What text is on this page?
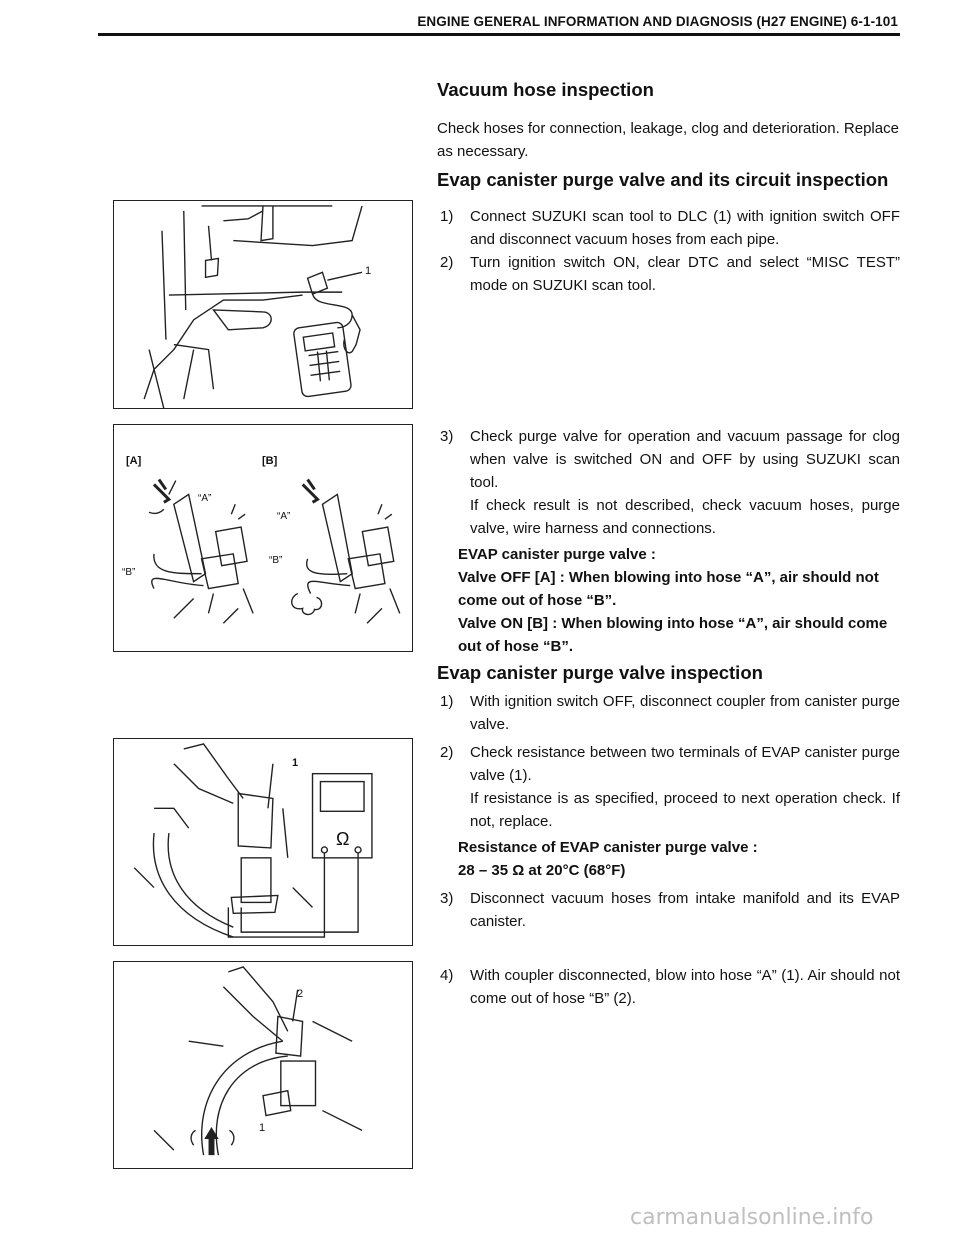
ENGINE GENERAL INFORMATION AND DIAGNOSIS (H27 ENGINE) 6-1-101
Vacuum hose inspection
Check hoses for connection, leakage, clog and deterioration. Replace as necessary.
Evap canister purge valve and its circuit inspection
1) Connect SUZUKI scan tool to DLC (1) with ignition switch OFF and disconnect vacuum hoses from each pipe.
2) Turn ignition switch ON, clear DTC and select “MISC TEST” mode on SUZUKI scan tool.
3) Check purge valve for operation and vacuum passage for clog when valve is switched ON and OFF by using SUZUKI scan tool.
If check result is not described, check vacuum hoses, purge valve, wire harness and connections.
EVAP canister purge valve :
Valve OFF [A] : When blowing into hose “A”, air should not come out of hose “B”.
Valve ON [B] : When blowing into hose “A”, air should come out of hose “B”.
Evap canister purge valve inspection
1) With ignition switch OFF, disconnect coupler from canister purge valve.
2) Check resistance between two terminals of EVAP canister purge valve (1).
If resistance is as specified, proceed to next operation check. If not, replace.
Resistance of EVAP canister purge valve :
28 – 35 Ω at 20°C (68°F)
3) Disconnect vacuum hoses from intake manifold and its EVAP canister.
4) With coupler disconnected, blow into hose “A” (1). Air should not come out of hose “B” (2).
1
[A]	[B]
“A”
“B”
“A”
“B”
1
Ω
2
1
carmanualsonline.info
